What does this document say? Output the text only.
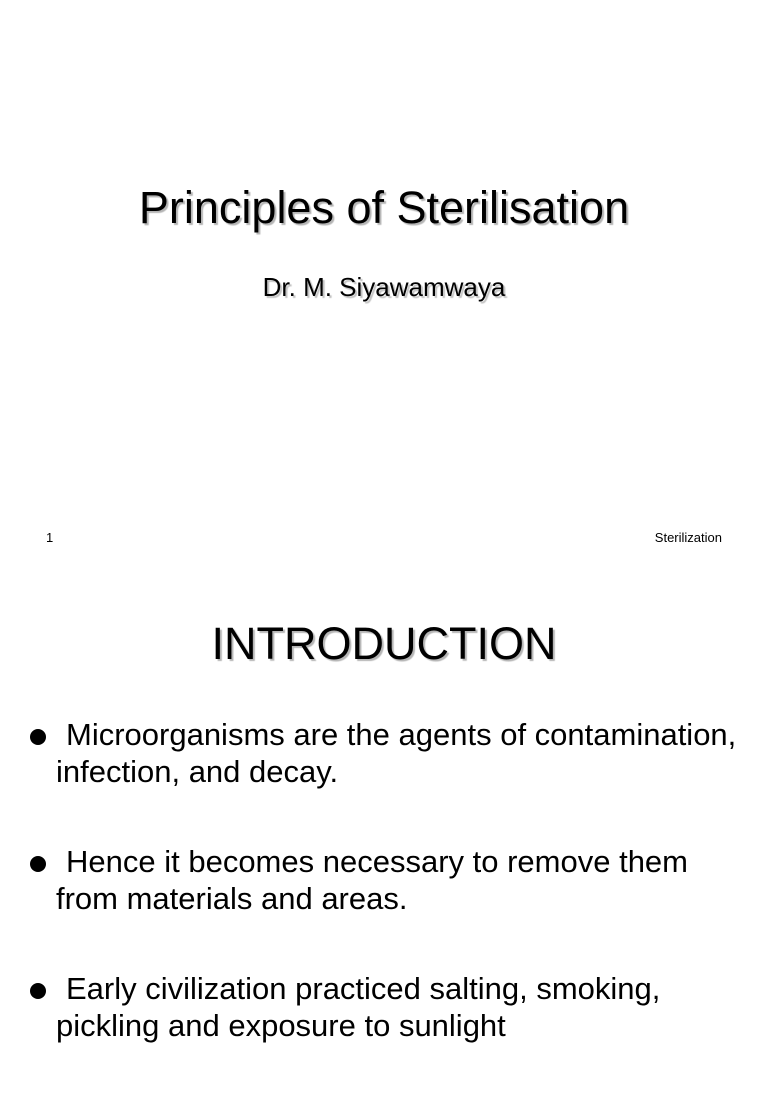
Principles of Sterilisation
Dr. M. Siyawamwaya
1	Sterilization
INTRODUCTION
Microorganisms are the agents of contamination, infection, and decay.
Hence it becomes necessary to remove them from materials and areas.
Early civilization practiced salting, smoking, pickling and exposure to sunlight
